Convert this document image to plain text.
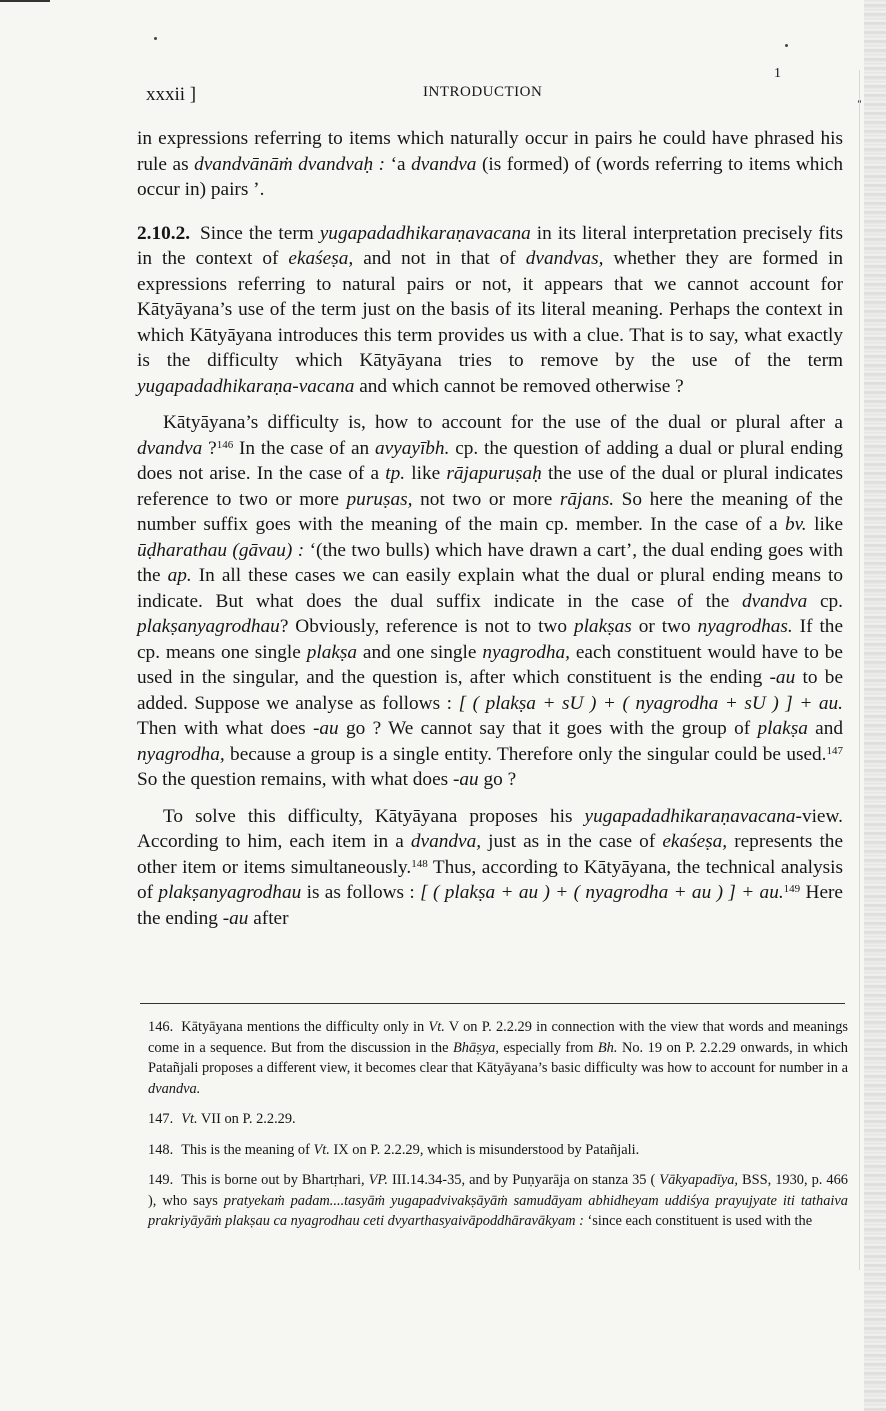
xxxii ]	INTRODUCTION
1

in expressions referring to items which naturally occur in pairs he could have phrased his rule as dvandvānāṁ dvandvaḥ : ‘a dvandva (is formed) of (words referring to items which occur in) pairs ’.

2.10.2. Since the term yugapadadhikaraṇavacana in its literal interpretation precisely fits in the context of ekaśeṣa, and not in that of dvandvas, whether they are formed in expressions referring to natural pairs or not, it appears that we cannot account for Kātyāyana’s use of the term just on the basis of its literal meaning. Perhaps the context in which Kātyāyana introduces this term provides us with a clue. That is to say, what exactly is the difficulty which Kātyāyana tries to remove by the use of the term yugapadadhikaraṇa-vacana and which cannot be removed otherwise ?

Kātyāyana’s difficulty is, how to account for the use of the dual or plural after a dvandva ?$^{146}$ In the case of an avyayībh. cp. the question of adding a dual or plural ending does not arise. In the case of a tp. like rājapuruṣaḥ the use of the dual or plural indicates reference to two or more puruṣas, not two or more rājans. So here the meaning of the number suffix goes with the meaning of the main cp. member. In the case of a bv. like ūḍharathau (gāvau) : ‘(the two bulls) which have drawn a cart’, the dual ending goes with the ap. In all these cases we can easily explain what the dual or plural ending means to indicate. But what does the dual suffix indicate in the case of the dvandva cp. plakṣanyagrodhau? Obviously, reference is not to two plakṣas or two nyagrodhas. If the cp. means one single plakṣa and one single nyagrodha, each constituent would have to be used in the singular, and the question is, after which constituent is the ending -au to be added. Suppose we analyse as follows : [ ( plakṣa + sU ) + ( nyagrodha + sU ) ] + au. Then with what does -au go ? We cannot say that it goes with the group of plakṣa and nyagrodha, because a group is a single entity. Therefore only the singular could be used.$^{147}$ So the question remains, with what does -au go ?

To solve this difficulty, Kātyāyana proposes his yugapadadhikaraṇavacana-view. According to him, each item in a dvandva, just as in the case of ekaśeṣa, represents the other item or items simultaneously.$^{148}$ Thus, according to Kātyāyana, the technical analysis of plakṣanyagrodhau is as follows : [ ( plakṣa + au ) + ( nyagrodha + au ) ] + au.$^{149}$ Here the ending -au after

146. Kātyāyana mentions the difficulty only in Vt. V on P. 2.2.29 in connection with the view that words and meanings come in a sequence. But from the discussion in the Bhāṣya, especially from Bh. No. 19 on P. 2.2.29 onwards, in which Patañjali proposes a different view, it becomes clear that Kātyāyana’s basic difficulty was how to account for number in a dvandva.

147. Vt. VII on P. 2.2.29.

148. This is the meaning of Vt. IX on P. 2.2.29, which is misunderstood by Patañjali.

149. This is borne out by Bhartṛhari, VP. III.14.34-35, and by Puṇyarāja on stanza 35 ( Vākyapadīya, BSS, 1930, p. 466 ), who says pratyekaṁ padam....tasyāṁ yugapadvivakṣāyāṁ samudāyam abhidheyam uddiśya prayujyate iti tathaiva prakriyāyāṁ plakṣau ca nyagrodhau ceti dvyarthasyaivāpoddhāravākyam : ‘since each constituent is used with the
